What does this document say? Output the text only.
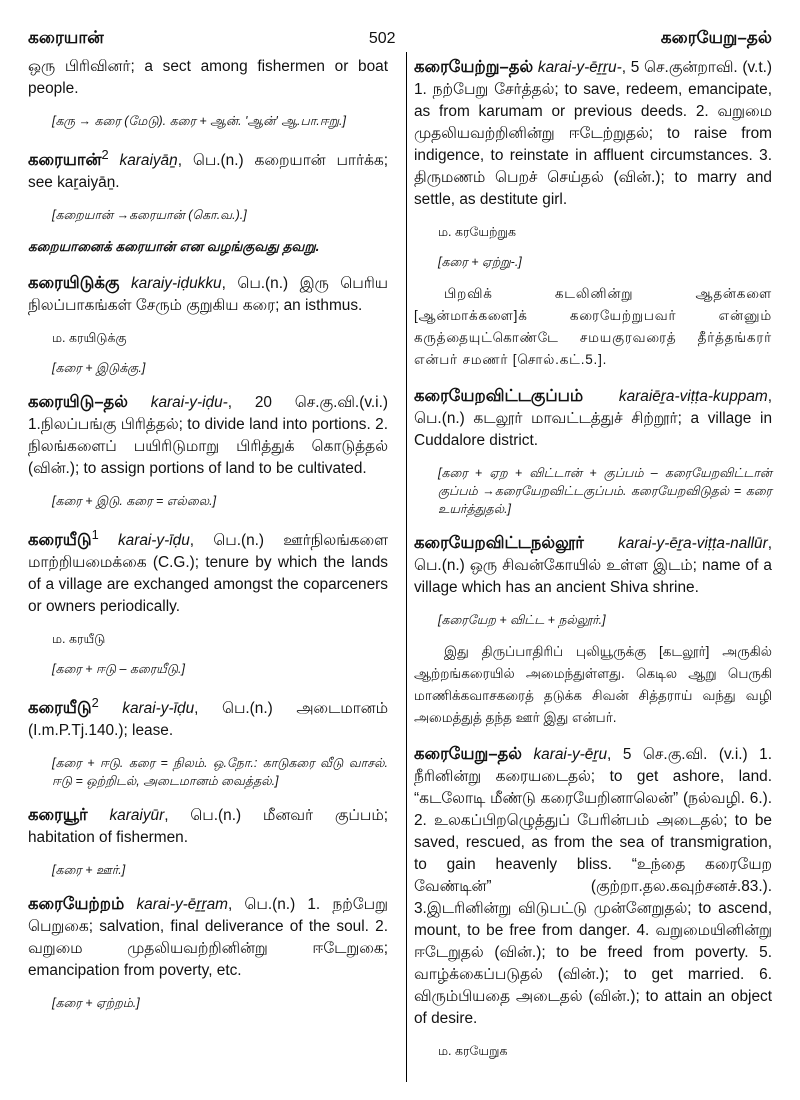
கரையான்	502	கரையேறு–தல்

ஒரு பிரிவினர்; a sect among fishermen or boat people.

[கரு → கரை (மேடு). கரை + ஆன். 'ஆன்' ஆ.பா.ஈறு.]

கரையான்$^2$ karaiyāṉ, பெ.(n.) கறையான் பார்க்க; see kaṟaiyāṉ.

[கறையான் →கரையான் (கொ.வ.).]

கறையானைக் கரையான் என வழங்குவது தவறு.

கரையிடுக்கு karaiy-iḍukku, பெ.(n.) இரு பெரிய நிலப்பாகங்கள் சேரும் குறுகிய கரை; an isthmus.

ம. கரயிடுக்கு
[கரை + இடுக்கு.]

கரையிடு–தல் karai-y-iḍu-, 20 செ.கு.வி.(v.i.) 1.நிலப்பங்கு பிரித்தல்; to divide land into portions. 2. நிலங்களைப் பயிரிடுமாறு பிரித்துக் கொடுத்தல் (வின்.); to assign portions of land to be cultivated.

[கரை + இடு. கரை = எல்லை.]

கரையீடு$^1$ karai-y-īḍu, பெ.(n.) ஊர்நிலங்களை மாற்றியமைக்கை (C.G.); tenure by which the lands of a village are exchanged amongst the coparceners or owners periodically.

ம. கரயீடு
[கரை + ஈடு – கரையீடு.]

கரையீடு$^2$ karai-y-īḍu, பெ.(n.) அடைமானம் (I.m.P.Tj.140.); lease.

[கரை + ஈடு. கரை = நிலம். ஒ.நோ.: காடுகரை வீடு வாசல். ஈடு = ஒற்றிடல், அடைமானம் வைத்தல்.]

கரையூர் karaiyūr, பெ.(n.) மீனவர் குப்பம்; habitation of fishermen.

[கரை + ஊர்.]

கரையேற்றம் karai-y-ēṟṟam, பெ.(n.) 1. நற்பேறு பெறுகை; salvation, final deliverance of the soul. 2. வறுமை முதலியவற்றினின்று ஈடேறுகை; emancipation from poverty, etc.

[கரை + ஏற்றம்.]

கரையேற்று–தல் karai-y-ēṟṟu-, 5 செ.குன்றாவி. (v.t.) 1. நற்பேறு சேர்த்தல்; to save, redeem, emancipate, as from karumam or previous deeds. 2. வறுமை முதலியவற்றினின்று ஈடேற்றுதல்; to raise from indigence, to reinstate in affluent circumstances. 3. திருமணம் பெறச் செய்தல் (வின்.); to marry and settle, as destitute girl.

ம. கரயேற்றுக
[கரை + ஏற்று-.]

பிறவிக் கடலினின்று ஆதன்களை [ஆன்மாக்களை]க் கரையேற்றுபவர் என்னும் கருத்தையுட்கொண்டே சமயகுரவரைத் தீர்த்தங்கரர் என்பர் சமணர் [சொல்.கட்.5.].

கரையேறவிட்டகுப்பம் karaiēṟa-viṭṭa-kuppam, பெ.(n.) கடலூர் மாவட்டத்துச் சிற்றூர்; a village in Cuddalore district.

[கரை + ஏற + விட்டான் + குப்பம் – கரையேறவிட்டான் குப்பம் →கரையேறவிட்டகுப்பம். கரையேறவிடுதல் = கரை உயர்த்துதல்.]

கரையேறவிட்டநல்லூர் karai-y-ēṟa-viṭṭa-nallūr, பெ.(n.) ஒரு சிவன்கோயில் உள்ள இடம்; name of a village which has an ancient Shiva shrine.

[கரையேற + விட்ட + நல்லூர்.]

இது திருப்பாதிரிப் புலியூருக்கு [கடலூர்] அருகில் ஆற்றங்கரையில் அமைந்துள்ளது. கெடில ஆறு பெருகி மாணிக்கவாசகரைத் தடுக்க சிவன் சித்தராய் வந்து வழி அமைத்துத் தந்த ஊர் இது என்பர்.

கரையேறு–தல் karai-y-ēṟu, 5 செ.கு.வி. (v.i.) 1. நீரினின்று கரையடைதல்; to get ashore, land. “கடலோடி மீண்டு கரையேறினாலென்” (நல்வழி. 6.). 2. உலகப்பிறழுெத்துப் பேரின்பம் அடைதல்; to be saved, rescued, as from the sea of transmigration, to gain heavenly bliss. “உந்தை கரையேற வேண்டின்” (குற்றா.தல.கவுற்சனச்.83.). 3.இடரினின்று விடுபட்டு முன்னேறுதல்; to ascend, mount, to be free from danger. 4. வறுமையினின்று ஈடேறுதல் (வின்.); to be freed from poverty. 5. வாழ்க்கைப்படுதல் (வின்.); to get married. 6. விரும்பியதை அடைதல் (வின்.); to attain an object of desire.

ம. கரயேறுக
